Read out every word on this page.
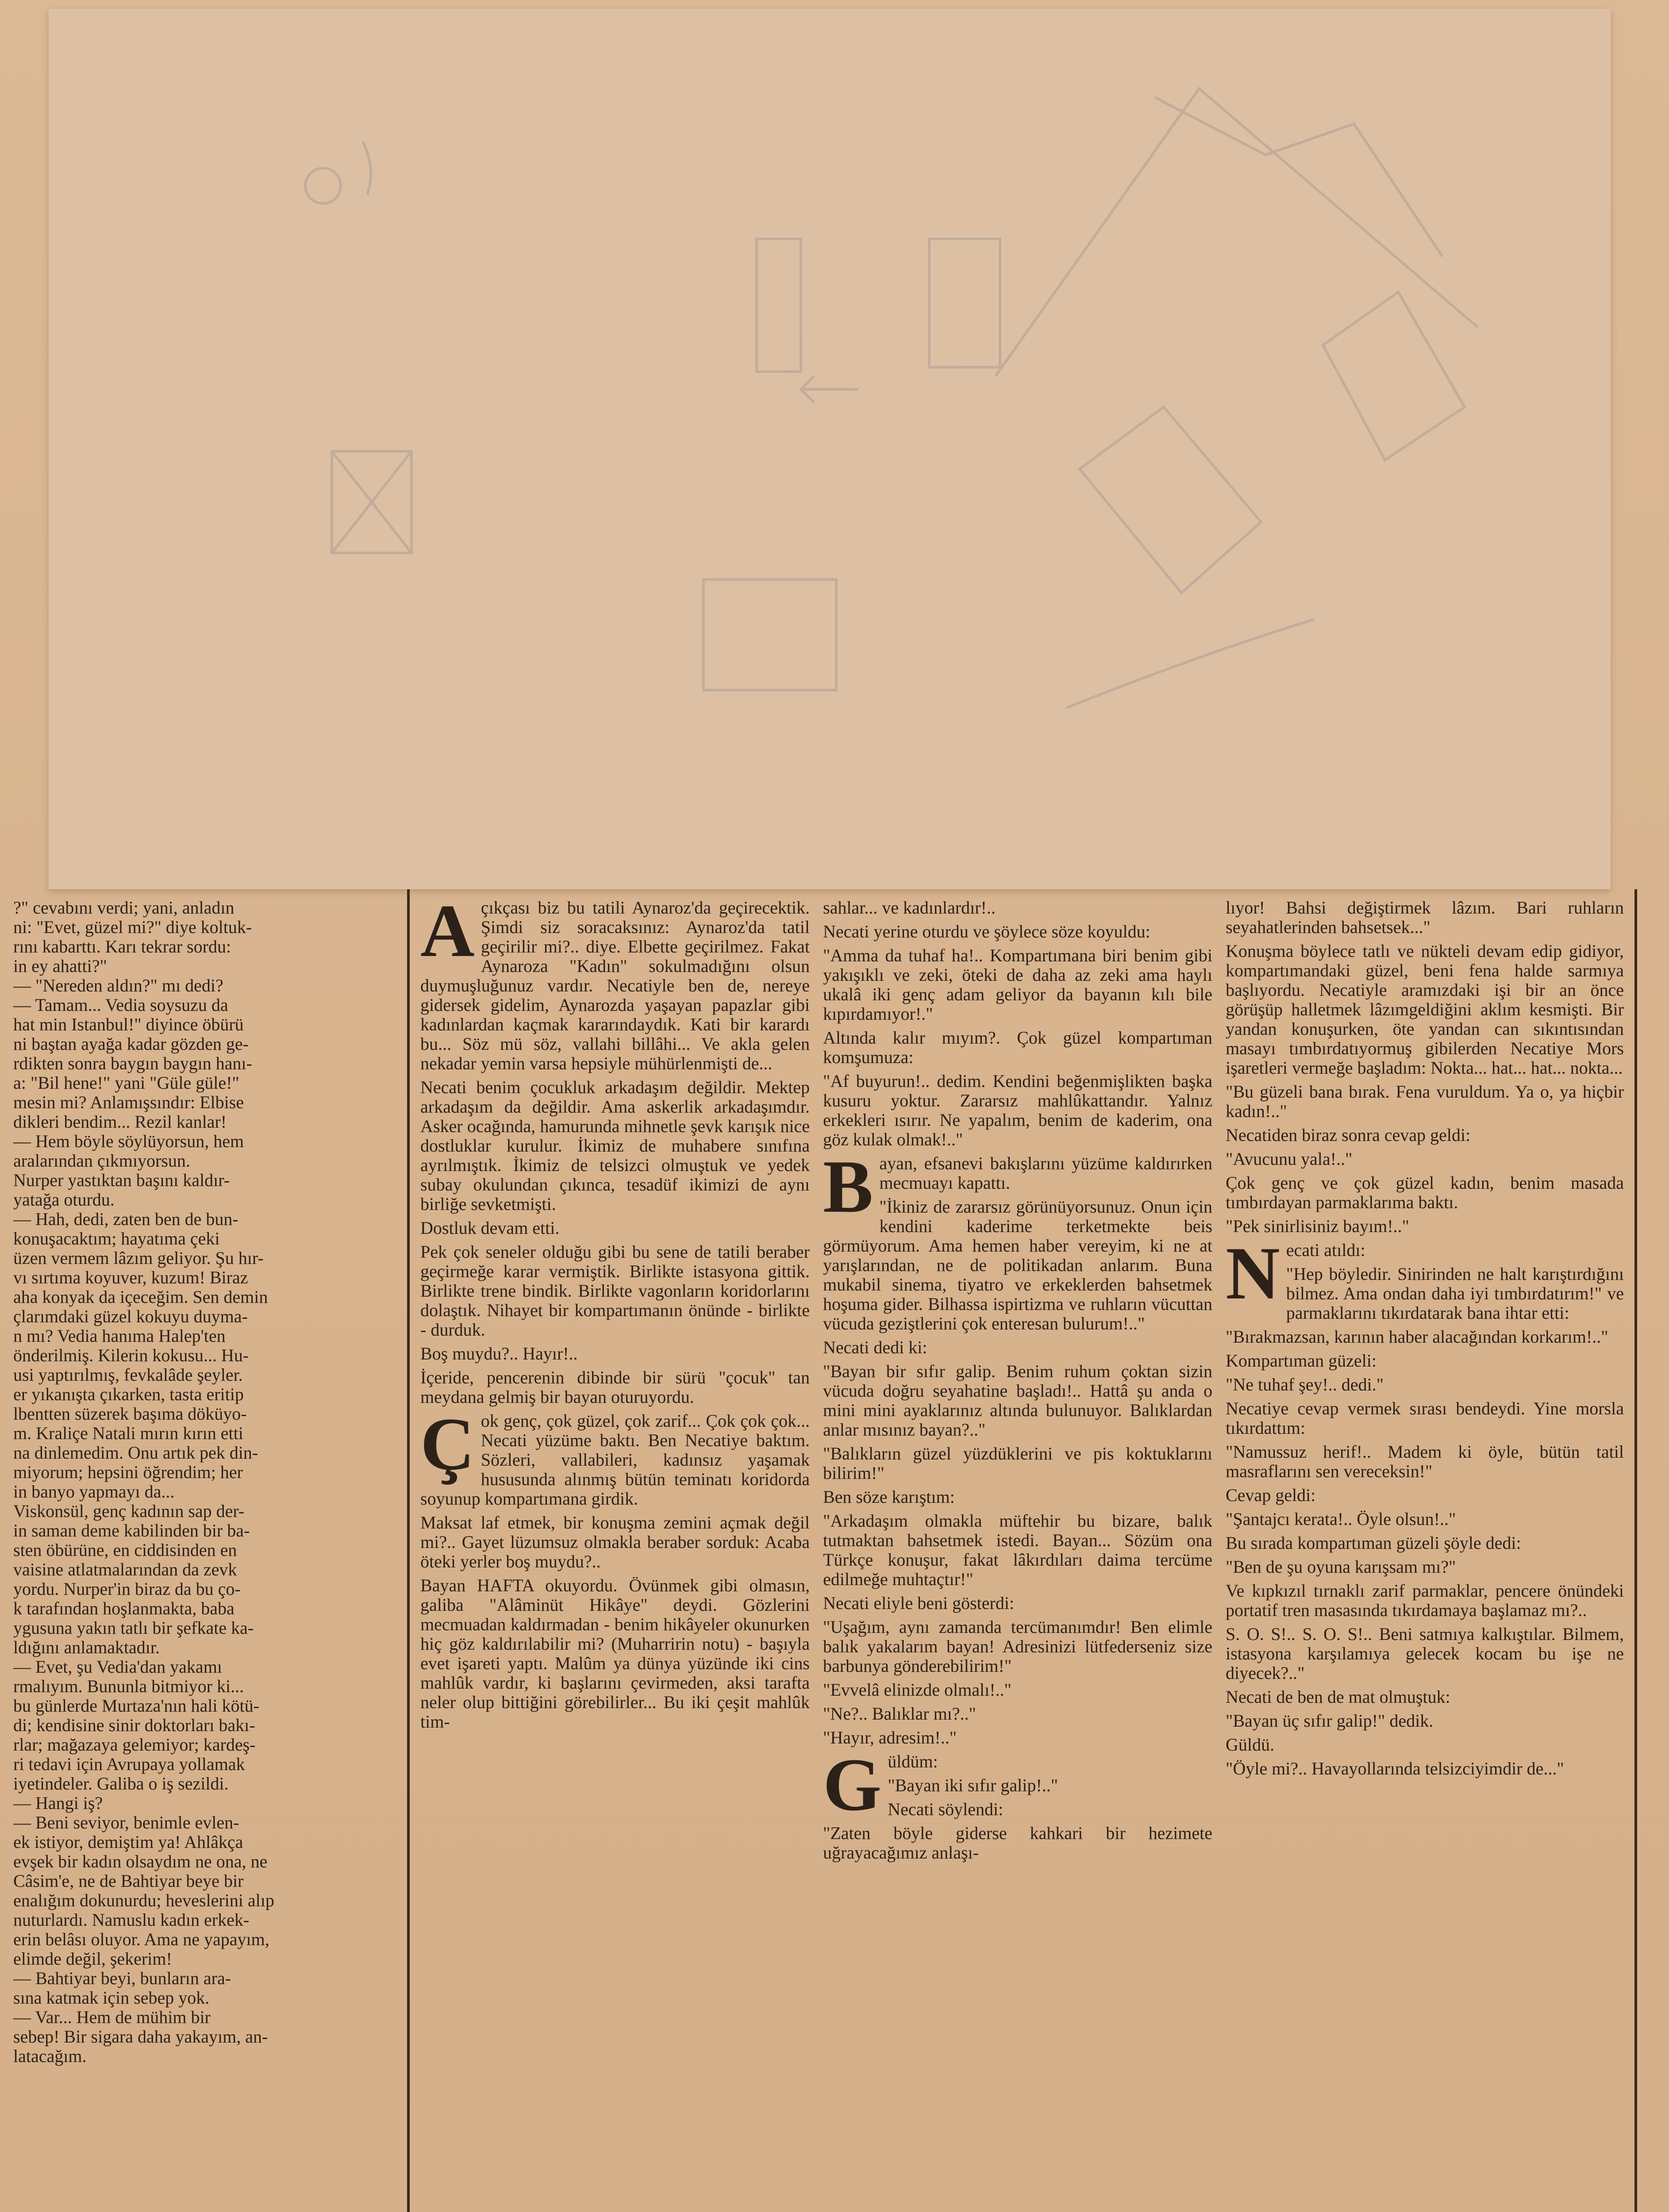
?" cevabını verdi; yani, anladın
ni: "Evet, güzel mi?" diye koltuk-
rını kabarttı. Karı tekrar sordu:
in ey ahatti?"
— "Nereden aldın?" mı dedi?
— Tamam... Vedia soysuzu da
hat min Istanbul!" diyince öbürü
ni baştan ayağa kadar gözden ge-
rdikten sonra baygın baygın hanı-
a: "Bil hene!" yani "Güle güle!"
mesin mi? Anlamışsındır: Elbise
dikleri bendim... Rezil kanlar!
— Hem böyle söylüyorsun, hem
aralarından çıkmıyorsun.
Nurper yastıktan başını kaldır-
yatağa oturdu.
— Hah, dedi, zaten ben de bun-
konuşacaktım; hayatıma çeki
üzen vermem lâzım geliyor. Şu hır-
vı sırtıma koyuver, kuzum! Biraz
aha konyak da içeceğim. Sen demin
çlarımdaki güzel kokuyu duyma-
n mı? Vedia hanıma Halep'ten
önderilmiş. Kilerin kokusu... Hu-
usi yaptırılmış, fevkalâde şeyler.
er yıkanışta çıkarken, tasta eritip
lbentten süzerek başıma döküyo-
m. Kraliçe Natali mırın kırın etti
na dinlemedim. Onu artık pek din-
miyorum; hepsini öğrendim; her
in banyo yapmayı da...
Viskonsül, genç kadının sap der-
in saman deme kabilinden bir ba-
sten öbürüne, en ciddisinden en
vaisine atlatmalarından da zevk
yordu. Nurper'in biraz da bu ço-
k tarafından hoşlanmakta, baba
ygusuna yakın tatlı bir şefkate ka-
ldığını anlamaktadır.
— Evet, şu Vedia'dan yakamı
rmalıyım. Bununla bitmiyor ki...
bu günlerde Murtaza'nın hali kötü-
di; kendisine sinir doktorları bakı-
rlar; mağazaya gelemiyor; kardeş-
ri tedavi için Avrupaya yollamak
iyetindeler. Galiba o iş sezildi.
— Hangi iş?
— Beni seviyor, benimle evlen-
ek istiyor, demiştim ya! Ahlâkça
evşek bir kadın olsaydım ne ona, ne
Câsim'e, ne de Bahtiyar beye bir
enalığım dokunurdu; heveslerini alıp
nuturlardı. Namuslu kadın erkek-
erin belâsı oluyor. Ama ne yapayım,
elimde değil, şekerim!
— Bahtiyar beyi, bunların ara-
sına katmak için sebep yok.
— Var... Hem de mühim bir
sebep! Bir sigara daha yakayım, an-
latacağım.
A çıkçası biz bu tatili Aynaroz'da geçirecektik. Şimdi siz soracaksınız: Aynaroz'da tatil geçirilir mi?.. diye. Elbette geçirilmez. Fakat Aynaroza "Kadın" sokulmadığını olsun duymuşluğunuz vardır. Necatiyle ben de, nereye gidersek gidelim, Aynarozda yaşayan papazlar gibi kadınlardan kaçmak kararındaydık. Kati bir karardı bu... Söz mü söz, vallahi billâhi... Ve akla gelen nekadar yemin varsa hepsiyle mühürlenmişti de...

Necati benim çocukluk arkadaşım değildir. Mektep arkadaşım da değildir. Ama askerlik arkadaşımdır. Asker ocağında, hamurunda mihnetle şevk karışık nice dostluklar kurulur. İkimiz de muhabere sınıfına ayrılmıştık. İkimiz de telsizci olmuştuk ve yedek subay okulundan çıkınca, tesadüf ikimizi de aynı birliğe sevketmişti.

Dostluk devam etti.

Pek çok seneler olduğu gibi bu sene de tatili beraber geçirmeğe karar vermiştik. Birlikte istasyona gittik. Birlikte trene bindik. Birlikte vagonların koridorlarını dolaştık. Nihayet bir kompartımanın önünde - birlikte - durduk.

Boş muydu?.. Hayır!..

İçeride, pencerenin dibinde bir sürü "çocuk" tan meydana gelmiş bir bayan oturuyordu.

Ç ok genç, çok güzel, çok zarif... Çok çok çok... Necati yüzüme baktı. Ben Necatiye baktım. Sözleri, vallabileri, kadınsız yaşamak hususunda alınmış bütün teminatı koridorda soyunup kompartımana girdik.

Maksat laf etmek, bir konuşma zemini açmak değil mi?.. Gayet lüzumsuz olmakla beraber sorduk: Acaba öteki yerler boş muydu?..

Bayan HAFTA okuyordu. Övünmek gibi olmasın, galiba "Alâminüt Hikâye" deydi. Gözlerini mecmuadan kaldırmadan - benim hikâyeler okunurken hiç göz kaldırılabilir mi? (Muharririn notu) - başıyla evet işareti yaptı. Malûm ya dünya yüzünde iki cins mahlûk vardır, ki başlarını çevirmeden, aksi tarafta neler olup bittiğini görebilirler... Bu iki çeşit mahlûk tim-

sahlar... ve kadınlardır!..

Necati yerine oturdu ve şöylece söze koyuldu:

"Amma da tuhaf ha!.. Kompartımana biri benim gibi yakışıklı ve zeki, öteki de daha az zeki ama haylı ukalâ iki genç adam geliyor da bayanın kılı bile kıpırdamıyor!."

Altında kalır mıyım?. Çok güzel kompartıman komşumuza:

"Af buyurun!.. dedim. Kendini beğenmişlikten başka kusuru yoktur. Zararsız mahlûkattandır. Yalnız erkekleri ısırır. Ne yapalım, benim de kaderim, ona göz kulak olmak!.."

B ayan, efsanevi bakışlarını yüzüme kaldırırken mecmuayı kapattı.

"İkiniz de zararsız görünüyorsunuz. Onun için kendini kaderime terketmekte beis görmüyorum. Ama hemen haber vereyim, ki ne at yarışlarından, ne de politikadan anlarım. Buna mukabil sinema, tiyatro ve erkeklerden bahsetmek hoşuma gider. Bilhassa ispirtizma ve ruhların vücuttan vücuda geziştlerini çok enteresan bulurum!.."

Necati dedi ki:

"Bayan bir sıfır galip. Benim ruhum çoktan sizin vücuda doğru seyahatine başladı!.. Hattâ şu anda o mini mini ayaklarınız altında bulunuyor. Balıklardan anlar mısınız bayan?.."

"Balıkların güzel yüzdüklerini ve pis koktuklarını bilirim!"

Ben söze karıştım:

"Arkadaşım olmakla müftehir bu bizare, balık tutmaktan bahsetmek istedi. Bayan... Sözüm ona Türkçe konuşur, fakat lâkırdıları daima tercüme edilmeğe muhtaçtır!"

Necati eliyle beni gösterdi:

"Uşağım, aynı zamanda tercümanımdır! Ben elimle balık yakalarım bayan! Adresinizi lütfederseniz size barbunya gönderebilirim!"

"Evvelâ elinizde olmalı!.."

"Ne?.. Balıklar mı?.."

"Hayır, adresim!.."

G üldüm:

"Bayan iki sıfır galip!.."

Necati söylendi:

"Zaten böyle giderse kahkari bir hezimete uğrayacağımız anlaşı-

lıyor! Bahsi değiştirmek lâzım. Bari ruhların seyahatlerinden bahsetsek..."

Konuşma böylece tatlı ve nükteli devam edip gidiyor, kompartımandaki güzel, beni fena halde sarmıya başlıyordu. Necatiyle aramızdaki işi bir an önce görüşüp halletmek lâzımgeldiğini aklım kesmişti. Bir yandan konuşurken, öte yandan can sıkıntısından masayı tımbırdatıyormuş gibilerden Necatiye Mors işaretleri vermeğe başladım: Nokta... hat... hat... nokta...

"Bu güzeli bana bırak. Fena vuruldum. Ya o, ya hiçbir kadın!.."

Necatiden biraz sonra cevap geldi:

"Avucunu yala!.."

Çok genç ve çok güzel kadın, benim masada tımbırdayan parmaklarıma baktı.

"Pek sinirlisiniz bayım!.."

N ecati atıldı:

"Hep böyledir. Sinirinden ne halt karıştırdığını bilmez. Ama ondan daha iyi tımbırdatırım!" ve parmaklarını tıkırdatarak bana ihtar etti:

"Bırakmazsan, karının haber alacağından korkarım!.."

Kompartıman güzeli:

"Ne tuhaf şey!.. dedi."

Necatiye cevap vermek sırası bendeydi. Yine morsla tıkırdattım:

"Namussuz herif!.. Madem ki öyle, bütün tatil masraflarını sen vereceksin!"

Cevap geldi:

"Şantajcı kerata!.. Öyle olsun!.."

Bu sırada kompartıman güzeli şöyle dedi:

"Ben de şu oyuna karışsam mı?"

Ve kıpkızıl tırnaklı zarif parmaklar, pencere önündeki portatif tren masasında tıkırdamaya başlamaz mı?..

S. O. S!.. S. O. S!.. Beni satmıya kalkıştılar. Bilmem, istasyona karşılamıya gelecek kocam bu işe ne diyecek?.."

Necati de ben de mat olmuştuk:

"Bayan üç sıfır galip!" dedik.

Güldü.

"Öyle mi?.. Havayollarında telsizciyimdir de..."
